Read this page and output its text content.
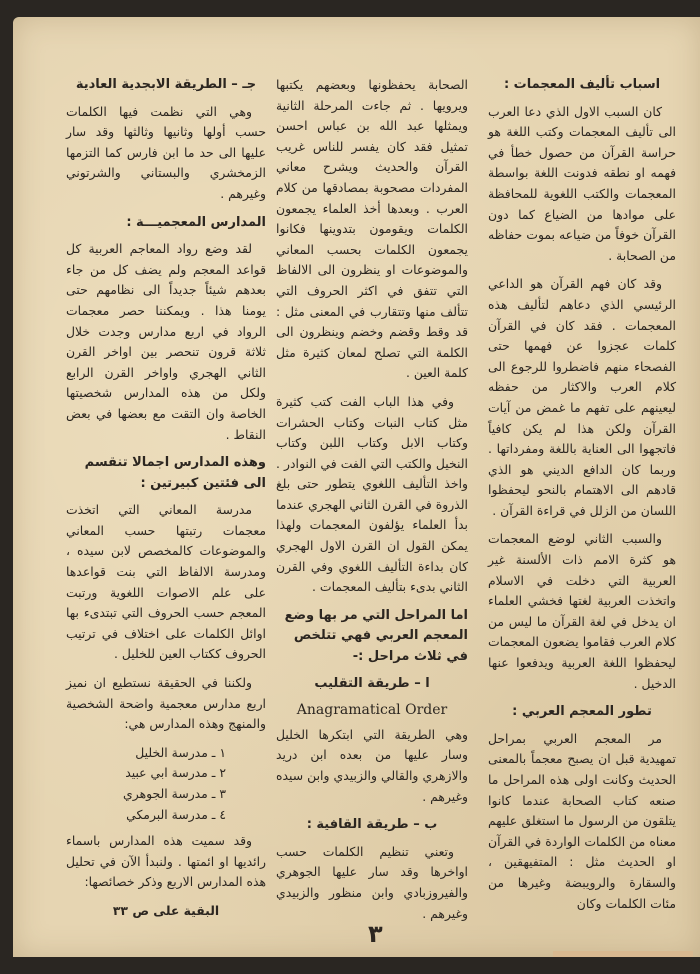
اسباب تأليف المعجمات :

كان السبب الاول الذي دعا العرب الى تأليف المعجمات وكتب اللغة هو حراسة القرآن من حصول خطأ في فهمه او نطقه فدونت اللغة بواسطة المعجمات والكتب اللغوية للمحافظة على موادها من الضياع كما دون القرآن خوفاً من ضياعه بموت حفاظه من الصحابة .

وقد كان فهم القرآن هو الداعي الرئيسي الذي دعاهم لتأليف هذه المعجمات . فقد كان في القرآن كلمات عجزوا عن فهمها حتى الفصحاء منهم فاضطروا للرجوع الى كلام العرب والاكثار من حفظه ليعينهم على تفهم ما غمض من آيات القرآن ولكن هذا لم يكن كافياً فاتجهوا الى العناية باللغة ومفرداتها . وربما كان الدافع الديني هو الذي قادهم الى الاهتمام بالنحو ليحفظوا اللسان من الزلل في قراءة القرآن .

والسبب الثاني لوضع المعجمات هو كثرة الامم ذات الألسنة غير العربية التي دخلت في الاسلام واتخذت العربية لغتها فخشي العلماء ان يدخل في لغة القرآن ما ليس من كلام العرب فقاموا يضعون المعجمات ليحفظوا اللغة العربية ويدفعوا عنها الدخيل .

تطور المعجم العربي :

مر المعجم العربي بمراحل تمهيدية قبل ان يصبح معجماً بالمعنى الحديث وكانت اولى هذه المراحل ما صنعه كتاب الصحابة عندما كانوا يتلقون من الرسول ما استغلق عليهم معناه من الكلمات الواردة في القرآن او الحديث مثل : المتفيهقين ، والسقارة والرويبضة وغيرها من مئات الكلمات وكان

الصحابة يحفظونها وبعضهم يكتبها ويرويها . ثم جاءت المرحلة الثانية ويمثلها عبد الله بن عباس احسن تمثيل فقد كان يفسر للناس غريب القرآن والحديث ويشرح معاني المفردات مصحوبة بمصادقها من كلام العرب . وبعدها أخذ العلماء يجمعون الكلمات ويقومون بتدوينها فكانوا يجمعون الكلمات بحسب المعاني والموضوعات او ينظرون الى الالفاظ التي تتفق في اكثر الحروف التي تتألف منها وتتقارب في المعنى مثل : قد وقط وقضم وخضم وينظرون الى الكلمة التي تصلح لمعان كثيرة مثل كلمة العين .

وفي هذا الباب الفت كتب كثيرة مثل كتاب النبات وكتاب الحشرات وكتاب الابل وكتاب اللبن وكتاب النخيل والكتب التي الفت في النوادر . واخذ التأليف اللغوي يتطور حتى بلغ الذروة في القرن الثاني الهجري عندما بدأ العلماء يؤلفون المعجمات ولهذا يمكن القول ان القرن الاول الهجري كان بداءة التأليف اللغوي وفي القرن الثاني بدىء بتأليف المعجمات .

اما المراحل التي مر بها وضع المعجم العربي فهي تتلخص في ثلاث مراحل :-
ا – طريقة التقليب
Anagramatical Order

وهي الطريقة التي ابتكرها الخليل وسار عليها من بعده ابن دريد والازهري والقالي والزبيدي وابن سيده وغيرهم .

ب – طريقة القافية :

وتعني تنظيم الكلمات حسب اواخرها وقد سار عليها الجوهري والفيروزبادي وابن منظور والزبيدي وغيرهم .

جـ – الطريقة الابجدية العادية

وهي التي نظمت فيها الكلمات حسب أولها وثانيها وثالثها وقد سار عليها الى حد ما ابن فارس كما التزمها الزمخشري والبستاني والشرتوني وغيرهم .

المدارس المعجميـــة :

لقد وضع رواد المعاجم العربية كل قواعد المعجم ولم يضف كل من جاء بعدهم شيئاً جديداً الى نظامهم حتى يومنا هذا . ويمكننا حصر معجمات الرواد في اربع مدارس وجدت خلال ثلاثة قرون تنحصر بين اواخر القرن الثاني الهجري واواخر القرن الرابع ولكل من هذه المدارس شخصيتها الخاصة وان التقت مع بعضها في بعض النقاط .

وهذه المدارس اجمالا تنقسم الى فئتين كبيرتين :

مدرسة المعاني التي اتخذت معجمات رتبتها حسب المعاني والموضوعات كالمخصص لابن سيده ، ومدرسة الالفاظ التي بنت قواعدها على علم الاصوات اللغوية ورتبت المعجم حسب الحروف التي تبتدىء بها اوائل الكلمات على اختلاف في ترتيب الحروف ككتاب العين للخليل .

ولكننا في الحقيقة نستطيع ان نميز اربع مدارس معجمية واضحة الشخصية والمنهج وهذه المدارس هي:

١ ـ مدرسة الخليل
٢ ـ مدرسة ابي عبيد
٣ ـ مدرسة الجوهري
٤ ـ مدرسة البرمكي

وقد سميت هذه المدارس باسماء رائديها او ائمتها . ولنبدأ الآن في تحليل هذه المدارس الاربع وذكر خصائصها:

البقية على ص ٣٣
٣
